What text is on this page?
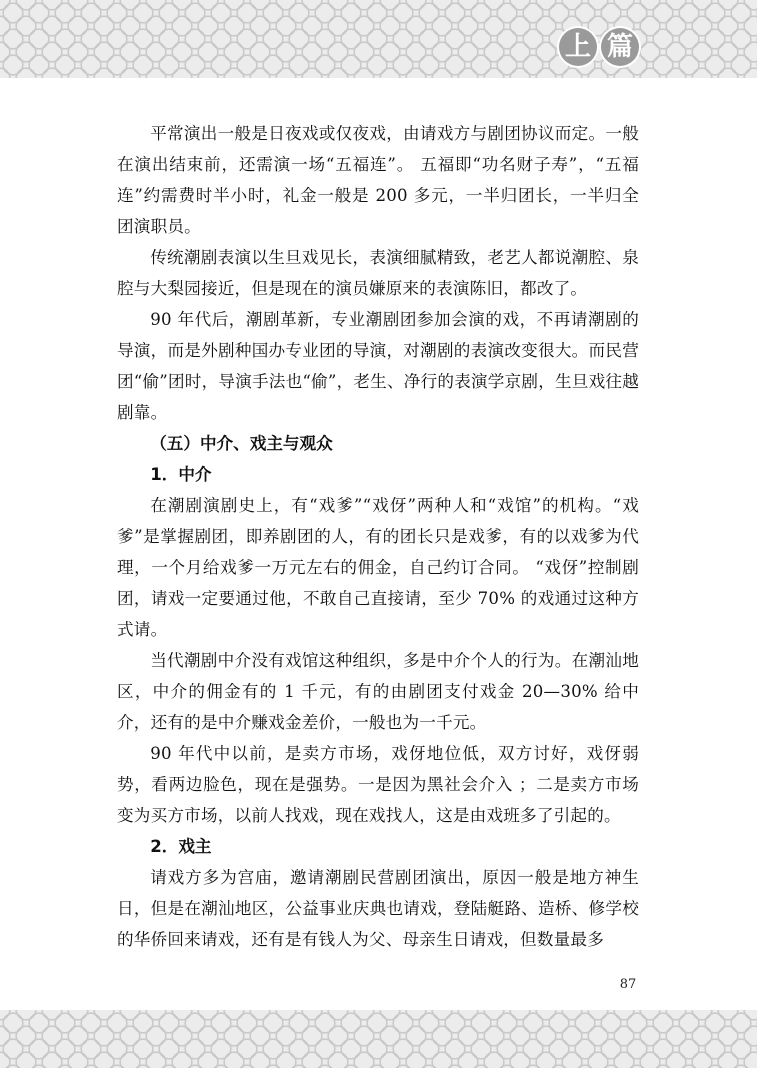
上 篇

平常演出一般是日夜戏或仅夜戏，由请戏方与剧团协议而定。一般在演出结束前，还需演一场“五福连”。 五福即“功名财子寿”，“五福连”约需费时半小时，礼金一般是 200 多元，一半归团长，一半归全团演职员。

传统潮剧表演以生旦戏见长，表演细腻精致，老艺人都说潮腔、泉腔与大梨园接近，但是现在的演员嫌原来的表演陈旧，都改了。

90 年代后，潮剧革新，专业潮剧团参加会演的戏，不再请潮剧的导演，而是外剧种国办专业团的导演，对潮剧的表演改变很大。而民营团“偷”团时，导演手法也“偷”，老生、净行的表演学京剧，生旦戏往越剧靠。

（五）中介、戏主与观众

1．中介

在潮剧演剧史上，有“戏爹”“戏伢”两种人和“戏馆”的机构。“戏爹”是掌握剧团，即养剧团的人，有的团长只是戏爹，有的以戏爹为代理，一个月给戏爹一万元左右的佣金，自己约订合同。 “戏伢”控制剧团，请戏一定要通过他，不敢自己直接请，至少 70% 的戏通过这种方式请。

当代潮剧中介没有戏馆这种组织，多是中介个人的行为。在潮汕地区，中介的佣金有的 1 千元，有的由剧团支付戏金 20—30% 给中介，还有的是中介赚戏金差价，一般也为一千元。

90 年代中以前，是卖方市场，戏伢地位低，双方讨好，戏伢弱势，看两边脸色，现在是强势。一是因为黑社会介入 ；二是卖方市场变为买方市场，以前人找戏，现在戏找人，这是由戏班多了引起的。

2．戏主

请戏方多为宫庙，邀请潮剧民营剧团演出，原因一般是地方神生日，但是在潮汕地区，公益事业庆典也请戏，登陆艇路、造桥、修学校的华侨回来请戏，还有是有钱人为父、母亲生日请戏，但数量最多

87
